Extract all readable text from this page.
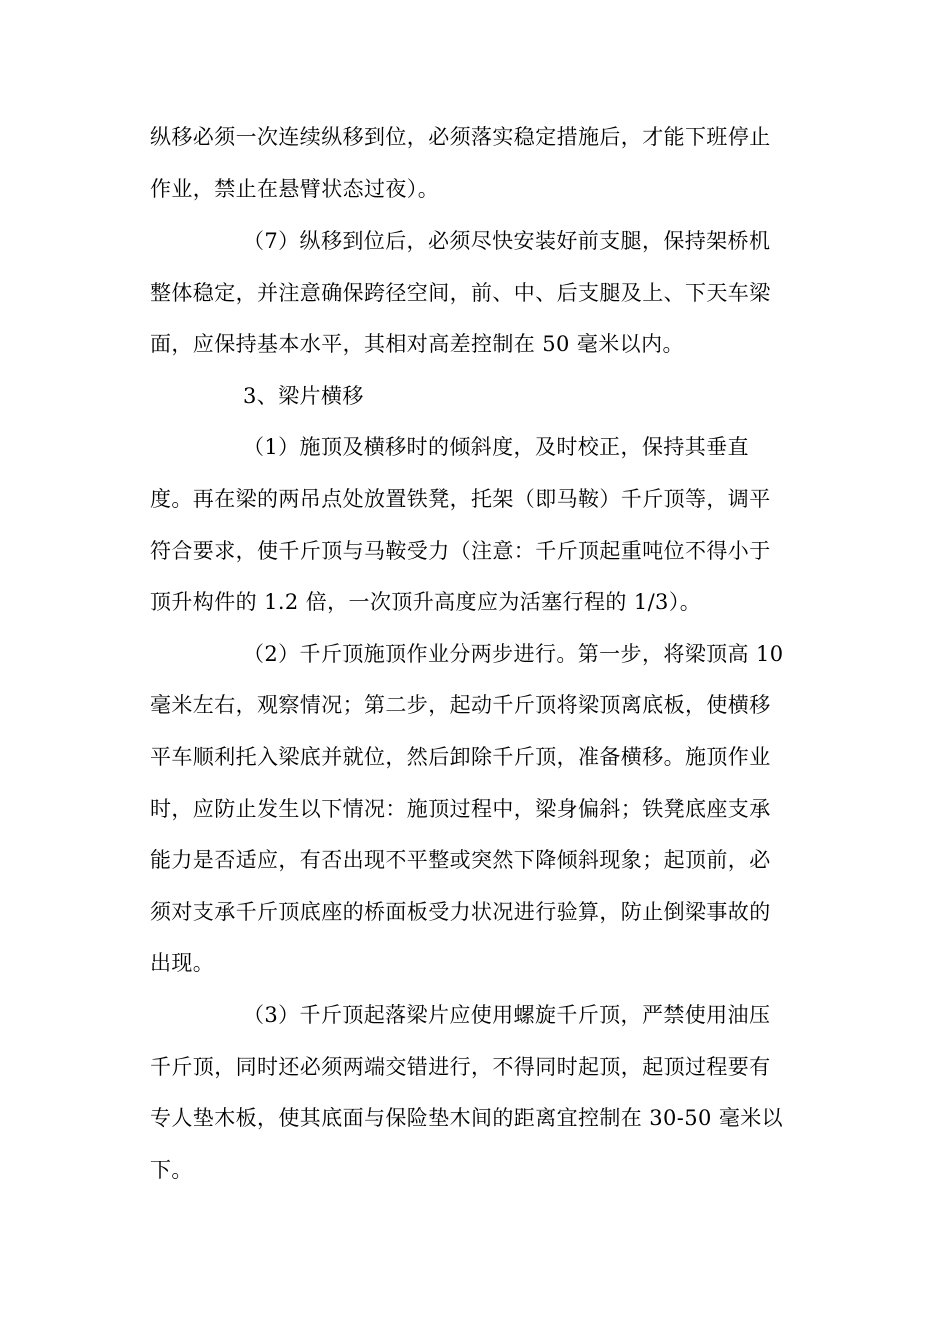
纵移必须一次连续纵移到位，必须落实稳定措施后，才能下班停止
作业，禁止在悬臂状态过夜）。
（7）纵移到位后，必须尽快安装好前支腿，保持架桥机
整体稳定，并注意确保跨径空间，前、中、后支腿及上、下天车梁
面，应保持基本水平，其相对高差控制在 50 毫米以内。
3、梁片横移
（1）施顶及横移时的倾斜度，及时校正，保持其垂直
度。再在梁的两吊点处放置铁凳，托架（即马鞍）千斤顶等，调平
符合要求，使千斤顶与马鞍受力（注意：千斤顶起重吨位不得小于
顶升构件的 1.2 倍，一次顶升高度应为活塞行程的 1/3）。
（2）千斤顶施顶作业分两步进行。第一步，将梁顶高 10
毫米左右，观察情况；第二步，起动千斤顶将梁顶离底板，使横移
平车顺利托入梁底并就位，然后卸除千斤顶，准备横移。施顶作业
时，应防止发生以下情况：施顶过程中，梁身偏斜；铁凳底座支承
能力是否适应，有否出现不平整或突然下降倾斜现象；起顶前，必
须对支承千斤顶底座的桥面板受力状况进行验算，防止倒梁事故的
出现。
（3）千斤顶起落梁片应使用螺旋千斤顶，严禁使用油压
千斤顶，同时还必须两端交错进行，不得同时起顶，起顶过程要有
专人垫木板，使其底面与保险垫木间的距离宜控制在 30-50 毫米以
下。
